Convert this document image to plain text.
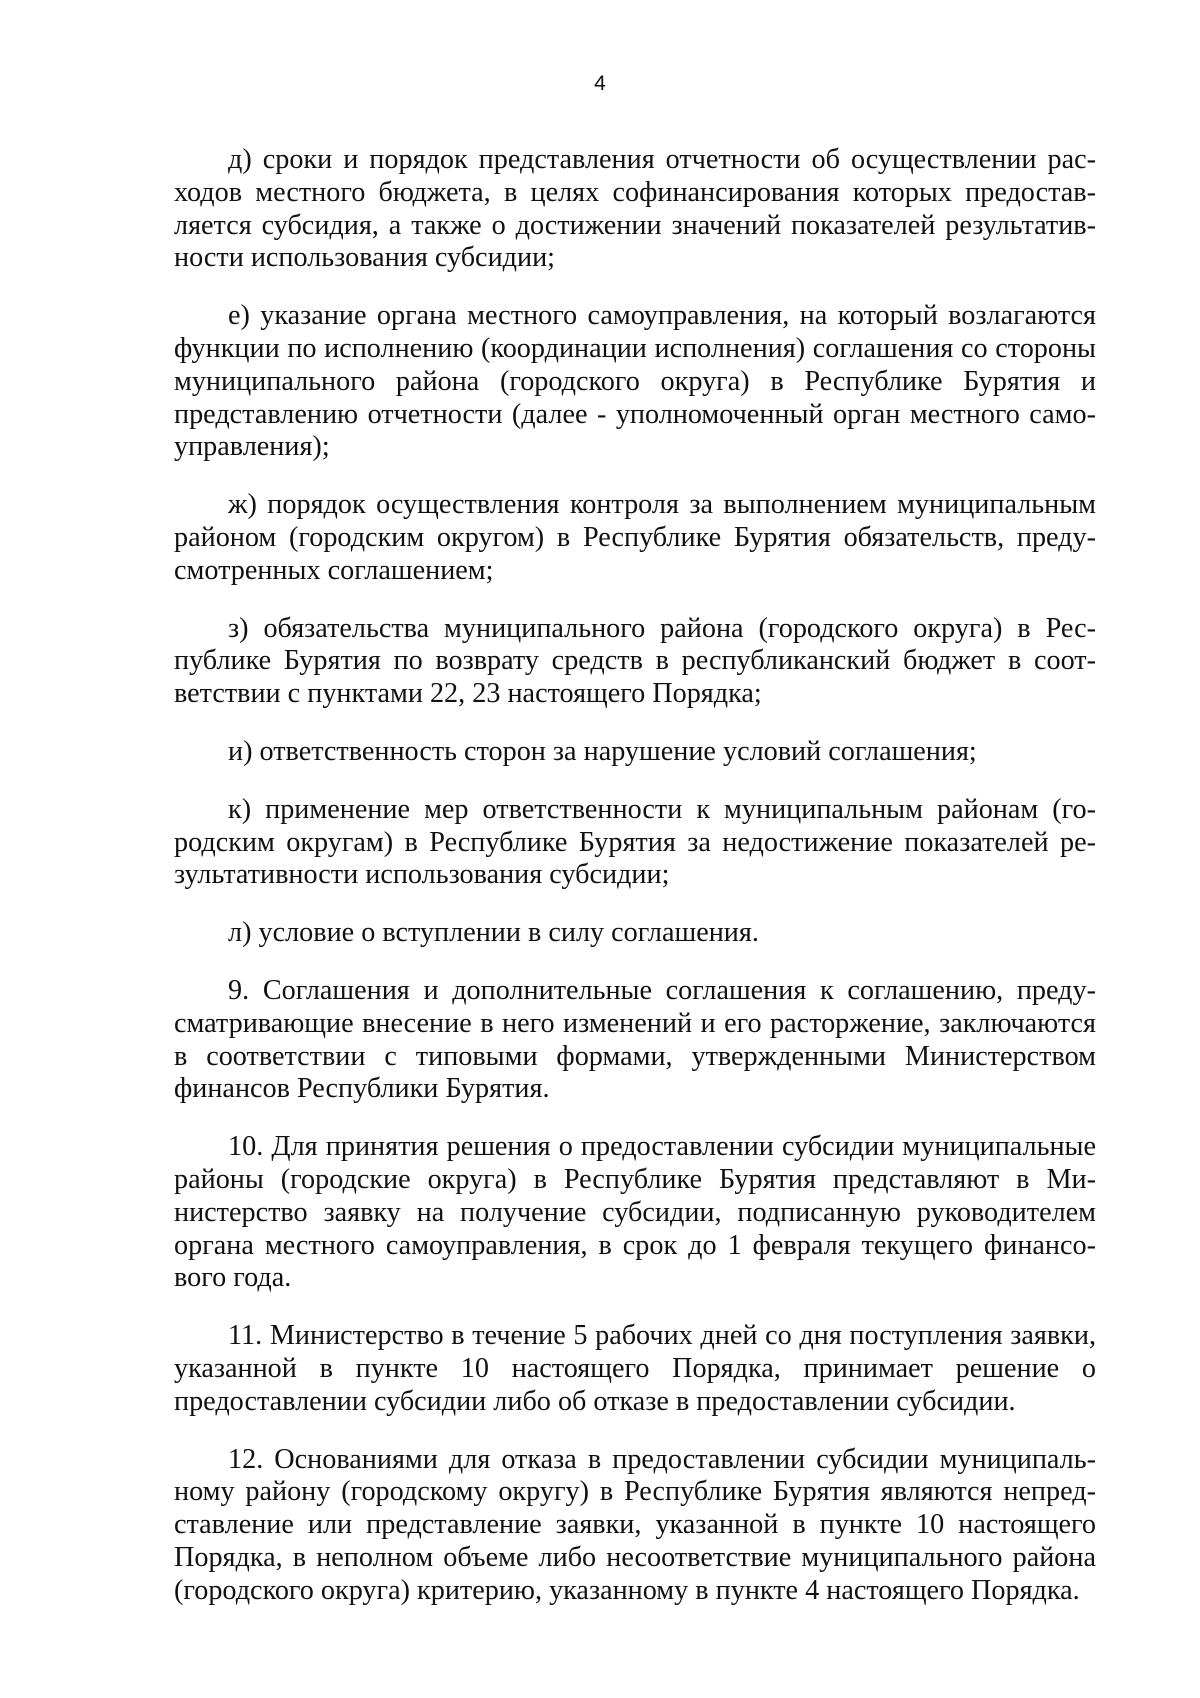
4

д) сроки и порядок представления отчетности об осуществлении расходов местного бюджета, в целях софинансирования которых предоставляется субсидия, а также о достижении значений показателей результативности использования субсидии;

е) указание органа местного самоуправления, на который возлагаются функции по исполнению (координации исполнения) соглашения со стороны муниципального района (городского округа) в Республике Бурятия и представлению отчетности (далее - уполномоченный орган местного самоуправления);

ж) порядок осуществления контроля за выполнением муниципальным районом (городским округом) в Республике Бурятия обязательств, предусмотренных соглашением;

з) обязательства муниципального района (городского округа) в Республике Бурятия по возврату средств в республиканский бюджет в соответствии с пунктами 22, 23 настоящего Порядка;

и) ответственность сторон за нарушение условий соглашения;

к) применение мер ответственности к муниципальным районам (городским округам) в Республике Бурятия за недостижение показателей результативности использования субсидии;

л) условие о вступлении в силу соглашения.

9. Соглашения и дополнительные соглашения к соглашению, предусматривающие внесение в него изменений и его расторжение, заключаются в соответствии с типовыми формами, утвержденными Министерством финансов Республики Бурятия.

10. Для принятия решения о предоставлении субсидии муниципальные районы (городские округа) в Республике Бурятия представляют в Министерство заявку на получение субсидии, подписанную руководителем органа местного самоуправления, в срок до 1 февраля текущего финансового года.

11. Министерство в течение 5 рабочих дней со дня поступления заявки, указанной в пункте 10 настоящего Порядка, принимает решение о предоставлении субсидии либо об отказе в предоставлении субсидии.

12. Основаниями для отказа в предоставлении субсидии муниципальному району (городскому округу) в Республике Бурятия являются непредставление или представление заявки, указанной в пункте 10 настоящего Порядка, в неполном объеме либо несоответствие муниципального района (городского округа) критерию, указанному в пункте 4 настоящего Порядка.
